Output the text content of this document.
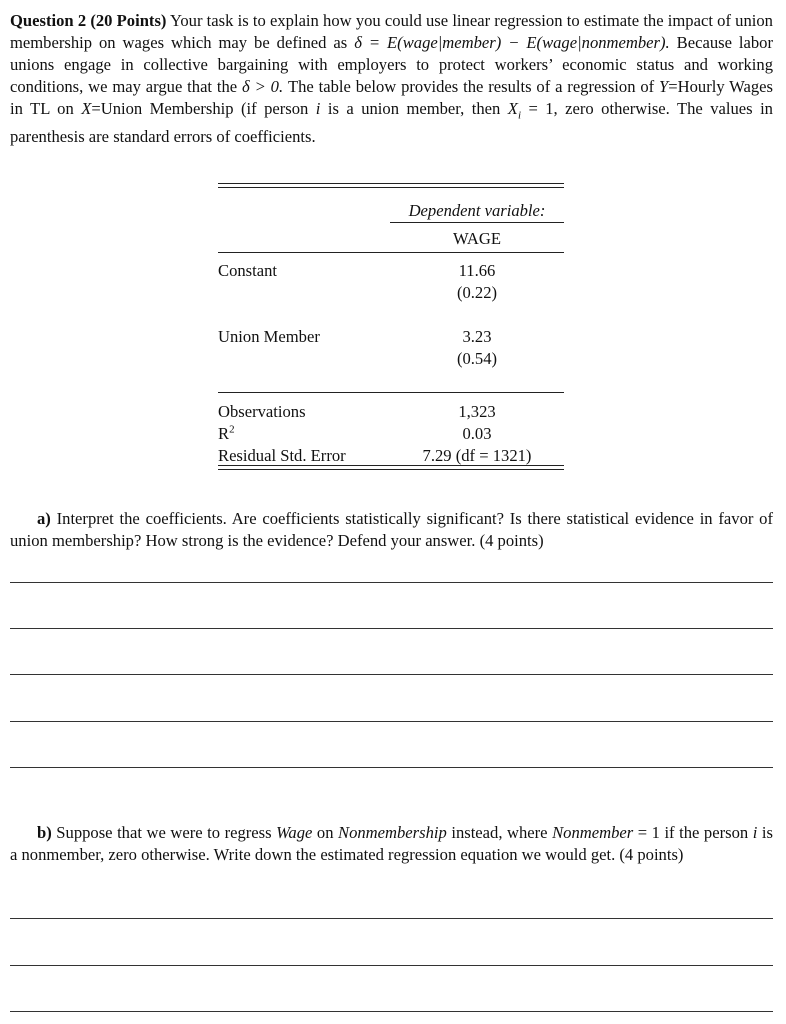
Question 2 (20 Points) Your task is to explain how you could use linear regression to estimate the impact of union membership on wages which may be defined as δ = E(wage|member) − E(wage|nonmember). Because labor unions engage in collective bargaining with employers to protect workers’ economic status and working conditions, we may argue that the δ > 0. The table below provides the results of a regression of Y=Hourly Wages in TL on X=Union Membership (if person i is a union member, then $X_i = 1$, zero otherwise. The values in parenthesis are standard errors of coefficients.
Dependent variable:
WAGE
Constant	11.66
(0.22)
Union Member	3.23
(0.54)
Observations	1,323
$R^2$	0.03
Residual Std. Error	7.29 (df = 1321)
a) Interpret the coefficients. Are coefficients statistically significant? Is there statistical evidence in favor of union membership? How strong is the evidence? Defend your answer. (4 points)
b) Suppose that we were to regress Wage on Nonmembership instead, where Nonmember = 1 if the person i is a nonmember, zero otherwise. Write down the estimated regression equation we would get. (4 points)
